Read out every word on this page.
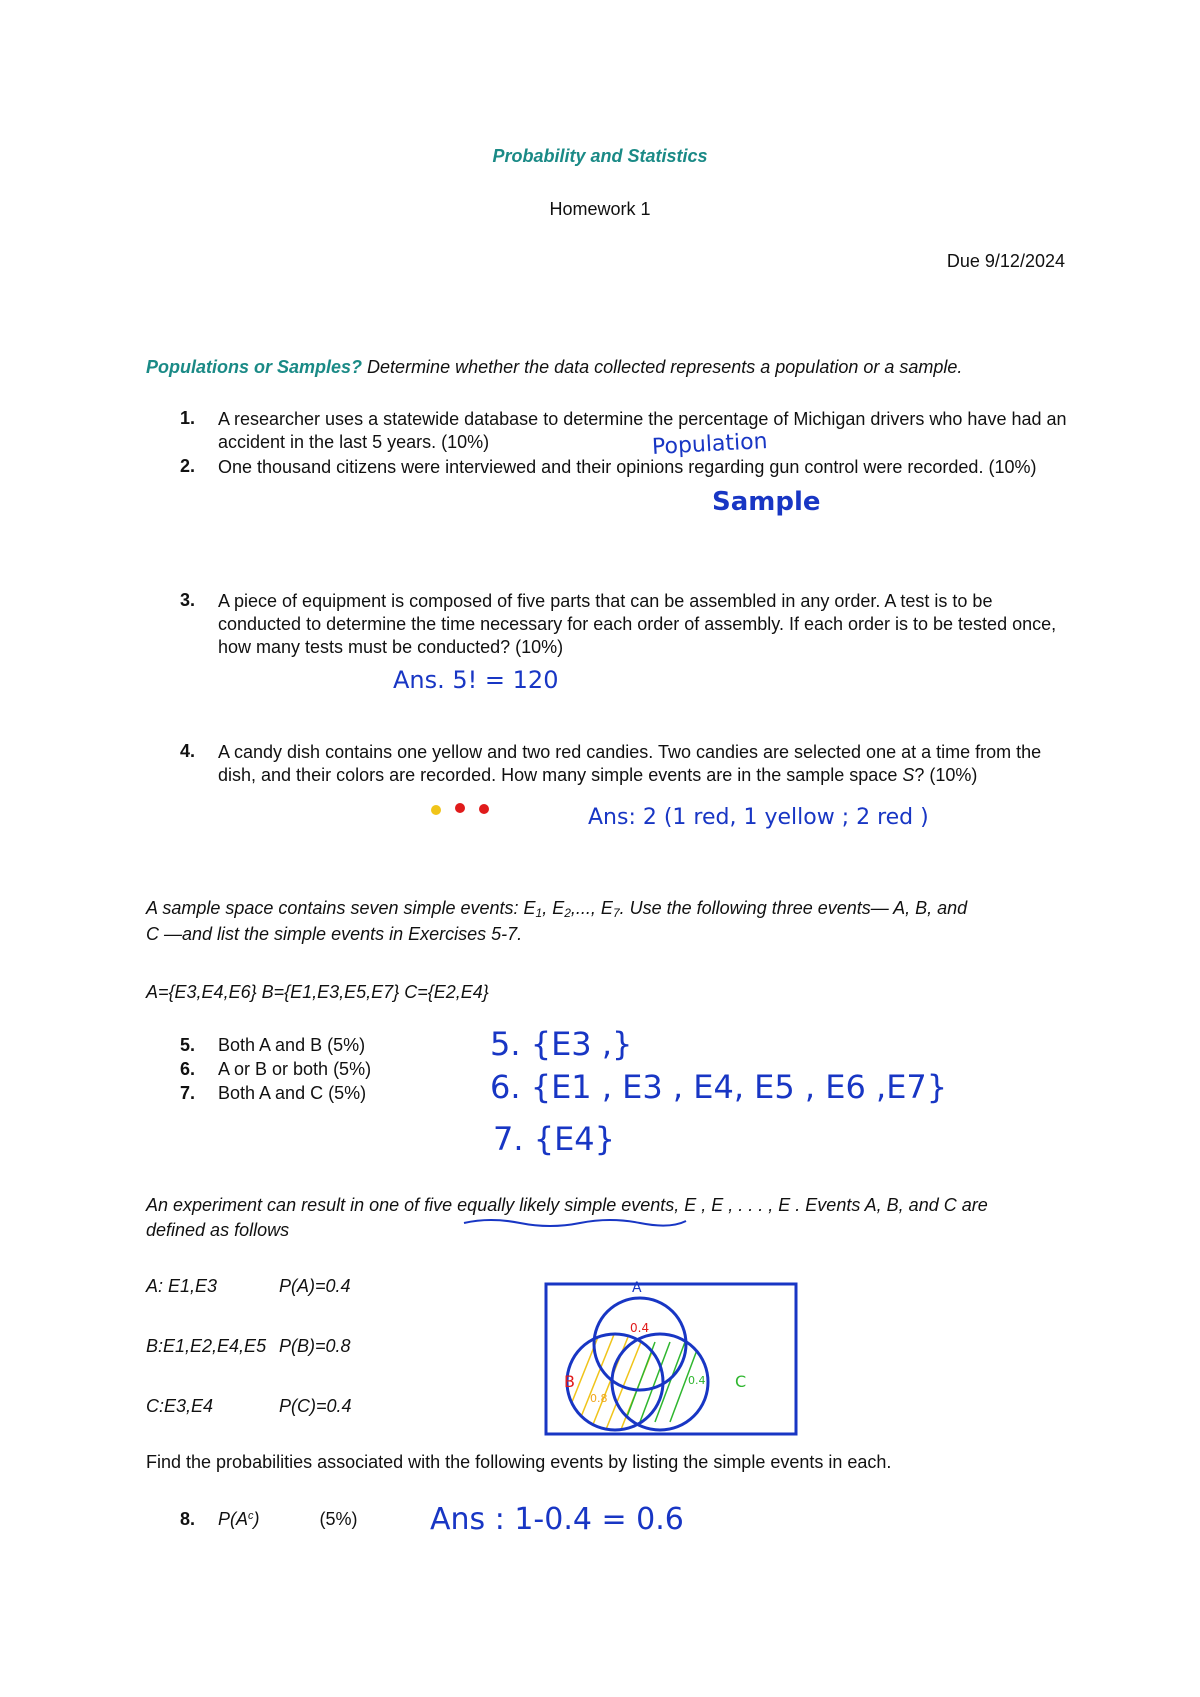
Probability and Statistics
Homework 1
Due 9/12/2024
Populations or Samples? Determine whether the data collected represents a population or a sample.
1. A researcher uses a statewide database to determine the percentage of Michigan drivers who have had an accident in the last 5 years. (10%)	Population
2. One thousand citizens were interviewed and their opinions regarding gun control were recorded. (10%)
Sample
3. A piece of equipment is composed of five parts that can be assembled in any order. A test is to be conducted to determine the time necessary for each order of assembly. If each order is to be tested once, how many tests must be conducted? (10%)
Ans. 5! = 120
4. A candy dish contains one yellow and two red candies. Two candies are selected one at a time from the dish, and their colors are recorded. How many simple events are in the sample space S? (10%)
Ans: 2 (1 red, 1 yellow ; 2 red )
A sample space contains seven simple events: $E_1$, $E_2$,..., $E_7$. Use the following three events— A, B, and
C —and list the simple events in Exercises 5-7.
A={E3,E4,E6} B={E1,E3,E5,E7} C={E2,E4}
5. Both A and B (5%)
6. A or B or both (5%)
7. Both A and C (5%)
5. {E3 ,}
6. {E1 , E3 , E4, E5 , E6 ,E7}
7. {E4}
An experiment can result in one of five equally likely simple events, E , E , . . . , E . Events A, B, and C are
defined as follows
A: E1,E3	P(A)=0.4
B:E1,E2,E4,E5 P(B)=0.8
C:E3,E4	P(C)=0.4
A
B	C
0.4
0.8
0.4
Find the probabilities associated with the following events by listing the simple events in each.
8. $P(A^c)$	(5%) Ans : 1-0.4 = 0.6
